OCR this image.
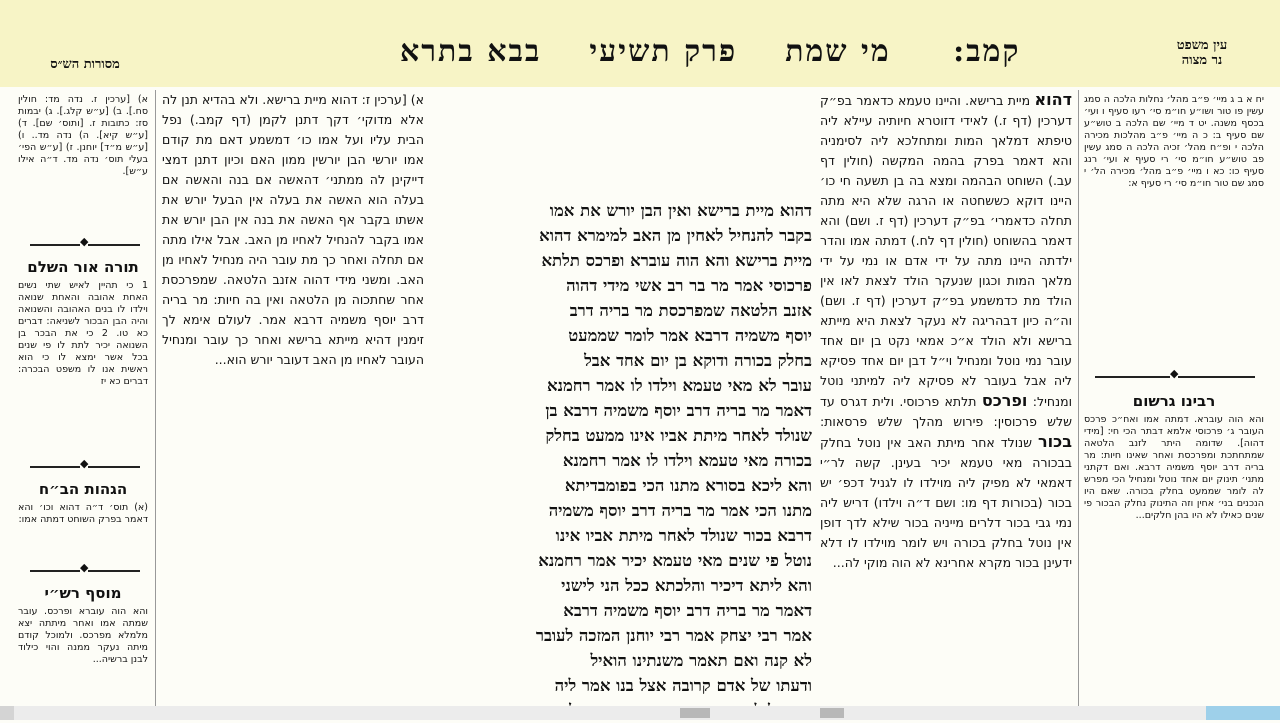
מסורות הש״ס	קמב: מי שמתפרק תשיעיבבא בתרא	עין משפט
נר מצוה
א) [ערכין ז. נדה מד: חולין סח.]. ב) [ע״ש קלג.]. ג) יבמות סז: כתובות ז. [ותוס׳ שם]. ד) [ע״ש קיא]. ה) נדה מד.. ו) [ע״ש מ״ד] יוחנן. ז) [ע״ש הפי׳ בעלי תוס׳ נדה מד. ד״ה אילו ע״ש].
◆
תורה אור השלם
1 כי תהיין לאיש שתי נשים האחת אהובה והאחת שנואה וילדו לו בנים האהובה והשנואה והיה הבן הבכור לשניאה: דברים כא טו. 2 כי את הבכר בן השנואה יכיר לתת לו פי שנים בכל אשר ימצא לו כי הוא ראשית אנו לו משפט הבכרה: דברים כא יז
◆
הגהות הב״ח
(א) תוס׳ ד״ה דהוא וכו׳ והא דאמר בפרק השוחט דמתה אמו:
◆
מוסף רש״י
והא הוה עוברא ופרכס. עובר שמתה אמו ואחר מיתתה יצא מלמלא מפרכס. ולמוכל קודם מיתה נעקר ממנה והוי כילוד לבנן ברשיה...
א) [ערכין ז: דהוא מיית ברישא. ולא בהדיא תנן לה אלא מדוקי׳ דקך דתנן לקמן (דף קמב.) נפל הבית עליו ועל אמו כו׳ דמשמע דאם מת קודם אמו יורשי הבן יורשין ממון האם וכיון דתנן דמצי דייקינן לה ממתני׳ דהאשה אם בנה והאשה אם בעלה הוא האשה את בעלה אין הבעל יורש את אשתו בקבר אף האשה את בנה אין הבן יורש את אמו בקבר להנחיל לאחיו מן האב. אבל אילו מתה אם תחלה ואחר כך מת עובר היה מנחיל לאחיו מן האב. ומשני מידי דהוה אזנב הלטאה. שמפרכסת אחר שחתכוה מן הלטאה ואין בה חיות: מר בריה דרב יוסף משמיה דרבא אמר. לעולם אימא לך זימנין דהיא מייתא ברישא ואחר כך עובר ומנחיל העובר לאחיו מן האב דעובר יורש הוא...

דהוא מיית ברישא ואין הבן יורש את אמו

בקבר להנחיל לאחין מן האב למימרא דהוא

מיית ברישא והא הוה עוברא ופרכס תלתא

פרכוסי אמר מר בר רב אשי מידי דהוה

אזנב הלטאה שמפרכסת מר בריה דרב

יוסף משמיה דרבא אמר לומר שממעט

בחלק בכורה ודוקא בן יום אחד אבל

עובר לא מאי טעמא וילדו לו אמר רחמנא

דאמר מר בריה דרב יוסף משמיה דרבא בן

שנולד לאחר מיתת אביו אינו ממעט בחלק

בכורה מאי טעמא וילדו לו אמר רחמנא

והא ליכא בסורא מתנו הכי בפומבדיתא

מתנו הכי אמר מר בריה דרב יוסף משמיה

דרבא בכור שנולד לאחר מיתת אביו אינו

נוטל פי שנים מאי טעמא יכיר אמר רחמנא

והא ליתא דיכיר והלכתא ככל הני לישני

דאמר מר בריה דרב יוסף משמיה דרבא

אמר רבי יצחק אמר רבי יוחנן המזכה לעובר

לא קנה ואם תאמר משנתינו הואיל

ודעתו של אדם קרובה אצל בנו אמר ליה

דהוא מיית ברישא. והיינו טעמא כדאמר בפ״ק דערכין (דף ז.) לאידי דזוטרא חיותיה עיילא ליה טיפתא דמלאך המות ומתחלכא ליה לסימניה והא דאמר בפרק בהמה המקשה (חולין דף עב.) השוחט הבהמה ומצא בה בן תשעה חי כו׳ היינו דוקא כששחטה או הרגה שלא היא מתה תחלה כדאמרי׳ בפ״ק דערכין (דף ז. ושם) והא דאמר בהשוחט (חולין דף לח.) דמתה אמו והדר ילדתה היינו מתה על ידי אדם או נמי על ידי מלאך המות וכגון שנעקר הולד לצאת לאו אין הולד מת כדמשמע בפ״ק דערכין (דף ז. ושם) וה״ה כיון דבהריגה לא נעקר לצאת היא מייתא ברישא ולא הולד א״כ אמאי נקט בן יום אחד עובר נמי נוטל ומנחיל וי״ל דבן יום אחד פסיקא ליה אבל בעובר לא פסיקא ליה למיתני נוטל ומנחיל: ופרכס תלתא פרכוסי. ולית דגרס עד שלש פרכוסין: פירוש מהלך שלש פרסאות: בכור שנולד אחר מיתת האב אין נוטל בחלק בבכורה מאי טעמא יכיר בעינן. קשה לר״י דאמאי לא מפיק ליה מוילדו לו לגניל דכפ׳ יש בכור (בכורות דף מו: ושם ד״ה וילדו) דריש ליה נמי גבי בכור דלרים מייניה בכור שילא לדך דופן אין נוטל בחלק בכורה ויש לומר מוילדו לו דלא ידעינן בכור מקרא אחרינא לא הוה מוקי לה...
יח א ב ג מיי׳ פ״ב מהל׳ נחלות הלכה ה סמג עשין פו טור ושו״ע חו״מ סי׳ רעו סעיף ו ועי׳ בכסף משנה. יט ד מיי׳ שם הלכה ב טוש״ע שם סעיף ב: כ ה מיי׳ פ״ב מהלכות מכירה הלכה י ופ״ח מהל׳ זכיה הלכה ה סמג עשין פב טוש״ע חו״מ סי׳ רי סעיף א ועי׳ רנג סעיף כו: כא ו מיי׳ פ״ב מהל׳ מכירה הל׳ י סמג שם טור חו״מ סי׳ רי סעיף א:
◆
רבינו גרשום
והא הוה עוברא. דמתה אמו ואח״כ פרכס העובר ג׳ פרכוסי אלמא דבתר הכי חי: [מידי דהוה]. שדומה היתר לזנב הלטאה שמתחתכת ומפרכסת ואחר שאינו חיות: מר בריה דרב יוסף משמיה דרבא. ואם דקתני מתני׳ תינוק יום אחד נוטל ומנחיל הכי מפרש לה לומר שממעט בחלק בכורה. שאם היו הנכנים בני׳ אחין וזה התינוק נחלק הבכור פי שנים כאילו לא היו בהן חלקים...
